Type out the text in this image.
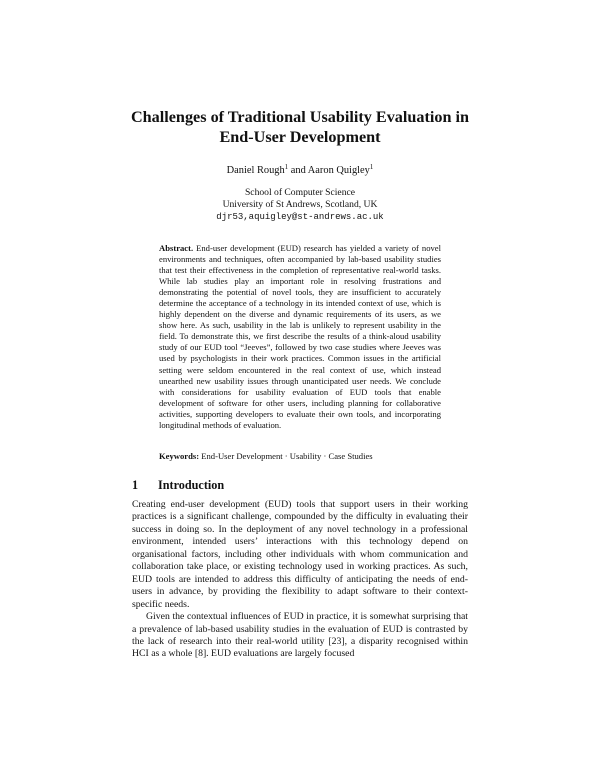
Challenges of Traditional Usability Evaluation in End-User Development
Daniel Rough$^1$ and Aaron Quigley$^1$
School of Computer Science
University of St Andrews, Scotland, UK
djr53,aquigley@st-andrews.ac.uk
Abstract. End-user development (EUD) research has yielded a variety of novel environments and techniques, often accompanied by lab-based usability studies that test their effectiveness in the completion of representative real-world tasks. While lab studies play an important role in resolving frustrations and demonstrating the potential of novel tools, they are insufficient to accurately determine the acceptance of a technology in its intended context of use, which is highly dependent on the diverse and dynamic requirements of its users, as we show here. As such, usability in the lab is unlikely to represent usability in the field. To demonstrate this, we first describe the results of a think-aloud usability study of our EUD tool “Jeeves”, followed by two case studies where Jeeves was used by psychologists in their work practices. Common issues in the artificial setting were seldom encountered in the real context of use, which instead unearthed new usability issues through unanticipated user needs. We conclude with considerations for usability evaluation of EUD tools that enable development of software for other users, including planning for collaborative activities, supporting developers to evaluate their own tools, and incorporating longitudinal methods of evaluation.
Keywords: End-User Development · Usability · Case Studies
1 Introduction

Creating end-user development (EUD) tools that support users in their working practices is a significant challenge, compounded by the difficulty in evaluating their success in doing so. In the deployment of any novel technology in a professional environment, intended users’ interactions with this technology depend on organisational factors, including other individuals with whom communication and collaboration take place, or existing technology used in working practices. As such, EUD tools are intended to address this difficulty of anticipating the needs of end-users in advance, by providing the flexibility to adapt software to their context-specific needs.

Given the contextual influences of EUD in practice, it is somewhat surprising that a prevalence of lab-based usability studies in the evaluation of EUD is contrasted by the lack of research into their real-world utility [23], a disparity recognised within HCI as a whole [8]. EUD evaluations are largely focused
